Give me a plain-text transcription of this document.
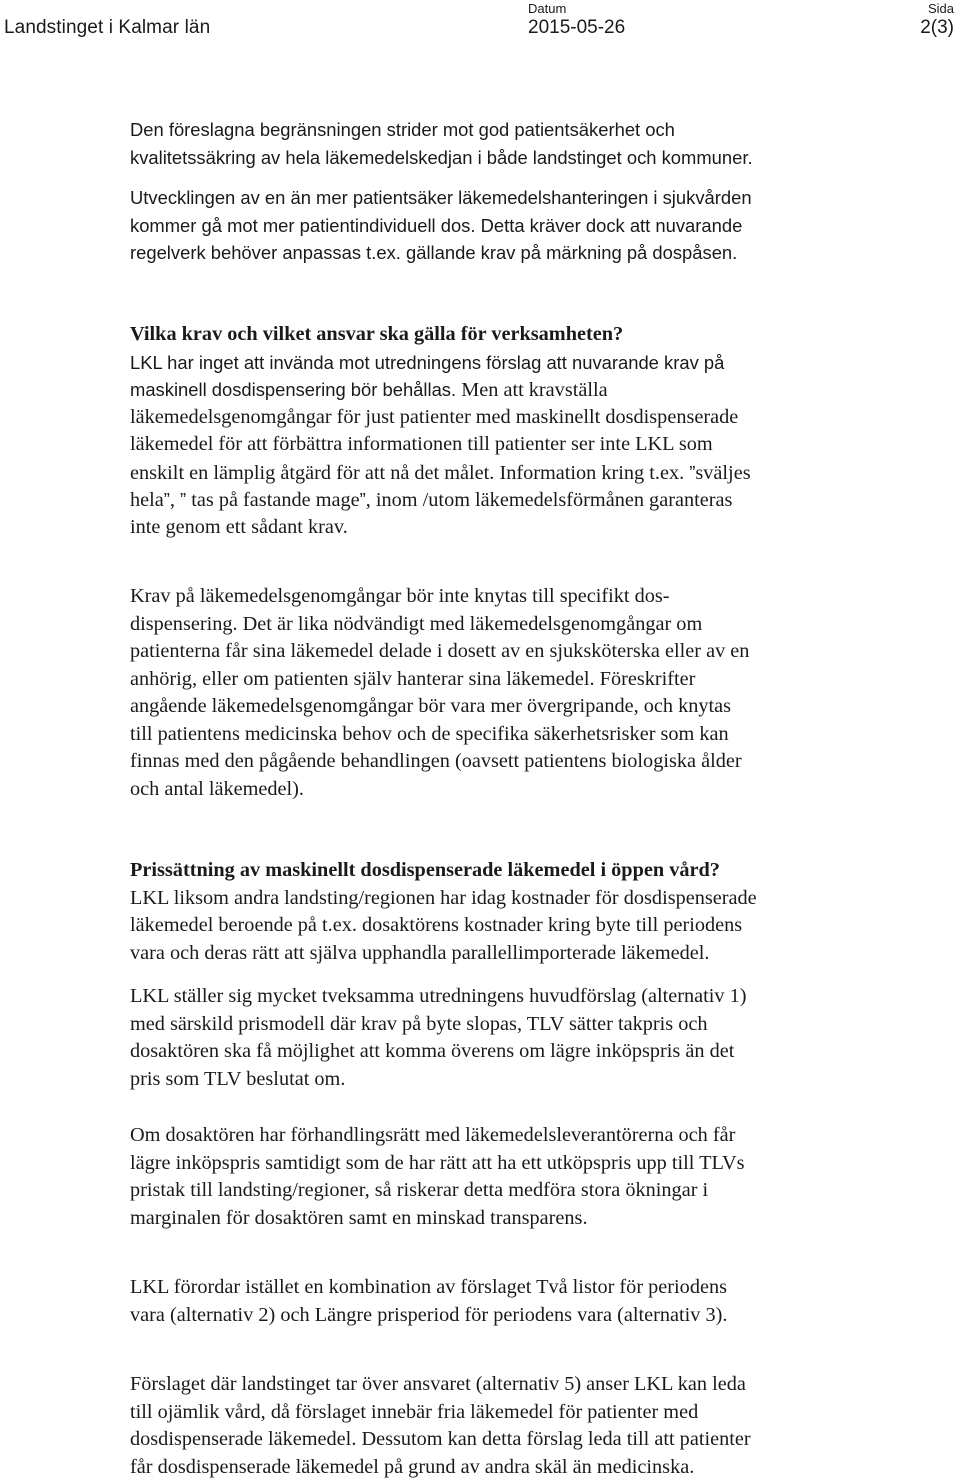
Landstinget i Kalmar län
Datum
2015-05-26
Sida
2(3)

Den föreslagna begränsningen strider mot god patientsäkerhet och
kvalitetssäkring av hela läkemedelskedjan i både landstinget och kommuner.

Utvecklingen av en än mer patientsäker läkemedelshanteringen i sjukvården
kommer gå mot mer patientindividuell dos. Detta kräver dock att nuvarande
regelverk behöver anpassas t.ex. gällande krav på märkning på dospåsen.

Vilka krav och vilket ansvar ska gälla för verksamheten?
LKL har inget att invända mot utredningens förslag att nuvarande krav på
maskinell dosdispensering bör behållas. Men att kravställa
läkemedelsgenomgångar för just patienter med maskinellt dosdispenserade
läkemedel för att förbättra informationen till patienter ser inte LKL som
enskilt en lämplig åtgärd för att nå det målet. Information kring t.ex. ”sväljes
hela”, ” tas på fastande mage”, inom /utom läkemedelsförmånen garanteras
inte genom ett sådant krav.

Krav på läkemedelsgenomgångar bör inte knytas till specifikt dos-
dispensering. Det är lika nödvändigt med läkemedelsgenomgångar om
patienterna får sina läkemedel delade i dosett av en sjuksköterska eller av en
anhörig, eller om patienten själv hanterar sina läkemedel. Föreskrifter
angående läkemedelsgenomgångar bör vara mer övergripande, och knytas
till patientens medicinska behov och de specifika säkerhetsrisker som kan
finnas med den pågående behandlingen (oavsett patientens biologiska ålder
och antal läkemedel).

Prissättning av maskinellt dosdispenserade läkemedel i öppen vård?
LKL liksom andra landsting/regionen har idag kostnader för dosdispenserade
läkemedel beroende på t.ex. dosaktörens kostnader kring byte till periodens
vara och deras rätt att själva upphandla parallellimporterade läkemedel.

LKL ställer sig mycket tveksamma utredningens huvudförslag (alternativ 1)
med särskild prismodell där krav på byte slopas, TLV sätter takpris och
dosaktören ska få möjlighet att komma överens om lägre inköpspris än det
pris som TLV beslutat om.

Om dosaktören har förhandlingsrätt med läkemedelsleverantörerna och får
lägre inköpspris samtidigt som de har rätt att ha ett utköpspris upp till TLVs
pristak till landsting/regioner, så riskerar detta medföra stora ökningar i
marginalen för dosaktören samt en minskad transparens.

LKL förordar istället en kombination av förslaget Två listor för periodens
vara (alternativ 2) och Längre prisperiod för periodens vara (alternativ 3).

Förslaget där landstinget tar över ansvaret (alternativ 5) anser LKL kan leda
till ojämlik vård, då förslaget innebär fria läkemedel för patienter med
dosdispenserade läkemedel. Dessutom kan detta förslag leda till att patienter
får dosdispenserade läkemedel på grund av andra skäl än medicinska.
